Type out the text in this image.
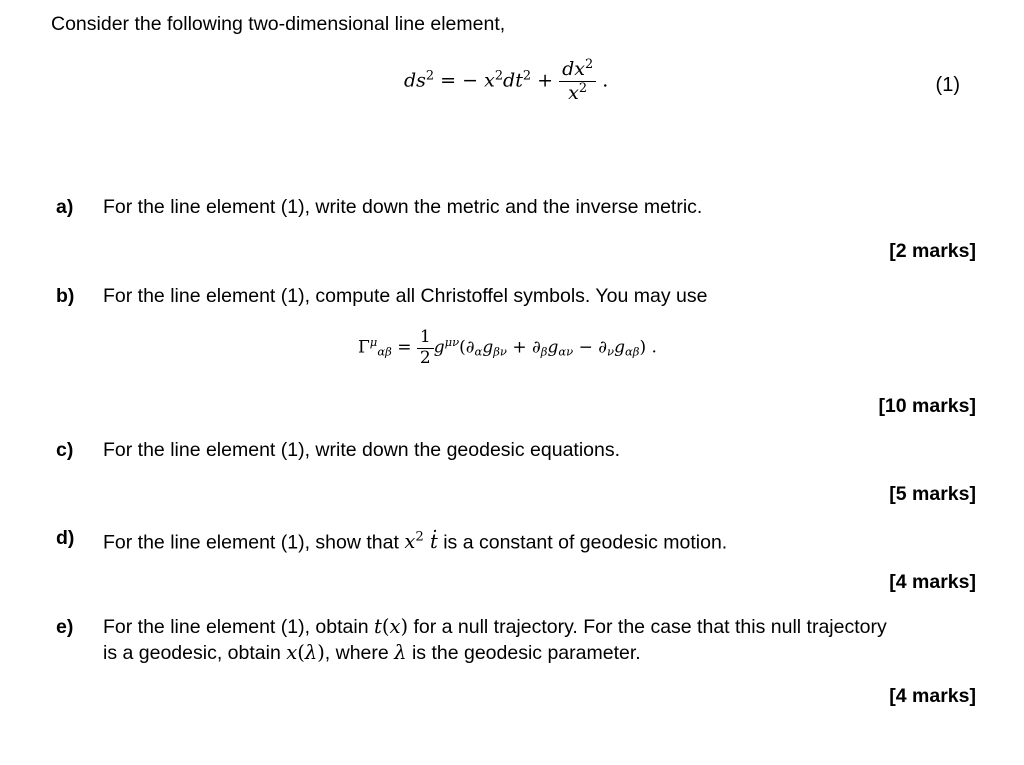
Consider the following two-dimensional line element,
$ds^2$ = − $x^2dt^2 + \frac{dx^2}{x^2}$ .	(1)
a) For the line element (1), write down the metric and the inverse metric.
[2 marks]
b) For the line element (1), compute all Christoffel symbols. You may use
$\Gamma^\mu_{\alpha\beta} = \frac{1}{2} g^{\mu\nu}(\partial_\alpha g_{\beta\nu} + \partial_\beta g_{\alpha\nu} - \partial_\nu g_{\alpha\beta})$ .
[10 marks]
c) For the line element (1), write down the geodesic equations.
[5 marks]
d) For the line element (1), show that $x^2$ ṫ is a constant of geodesic motion.
[4 marks]
e) For the line element (1), obtain t(x) for a null trajectory. For the case that this null trajectory
is a geodesic, obtain x(λ), where λ is the geodesic parameter.
[4 marks]
